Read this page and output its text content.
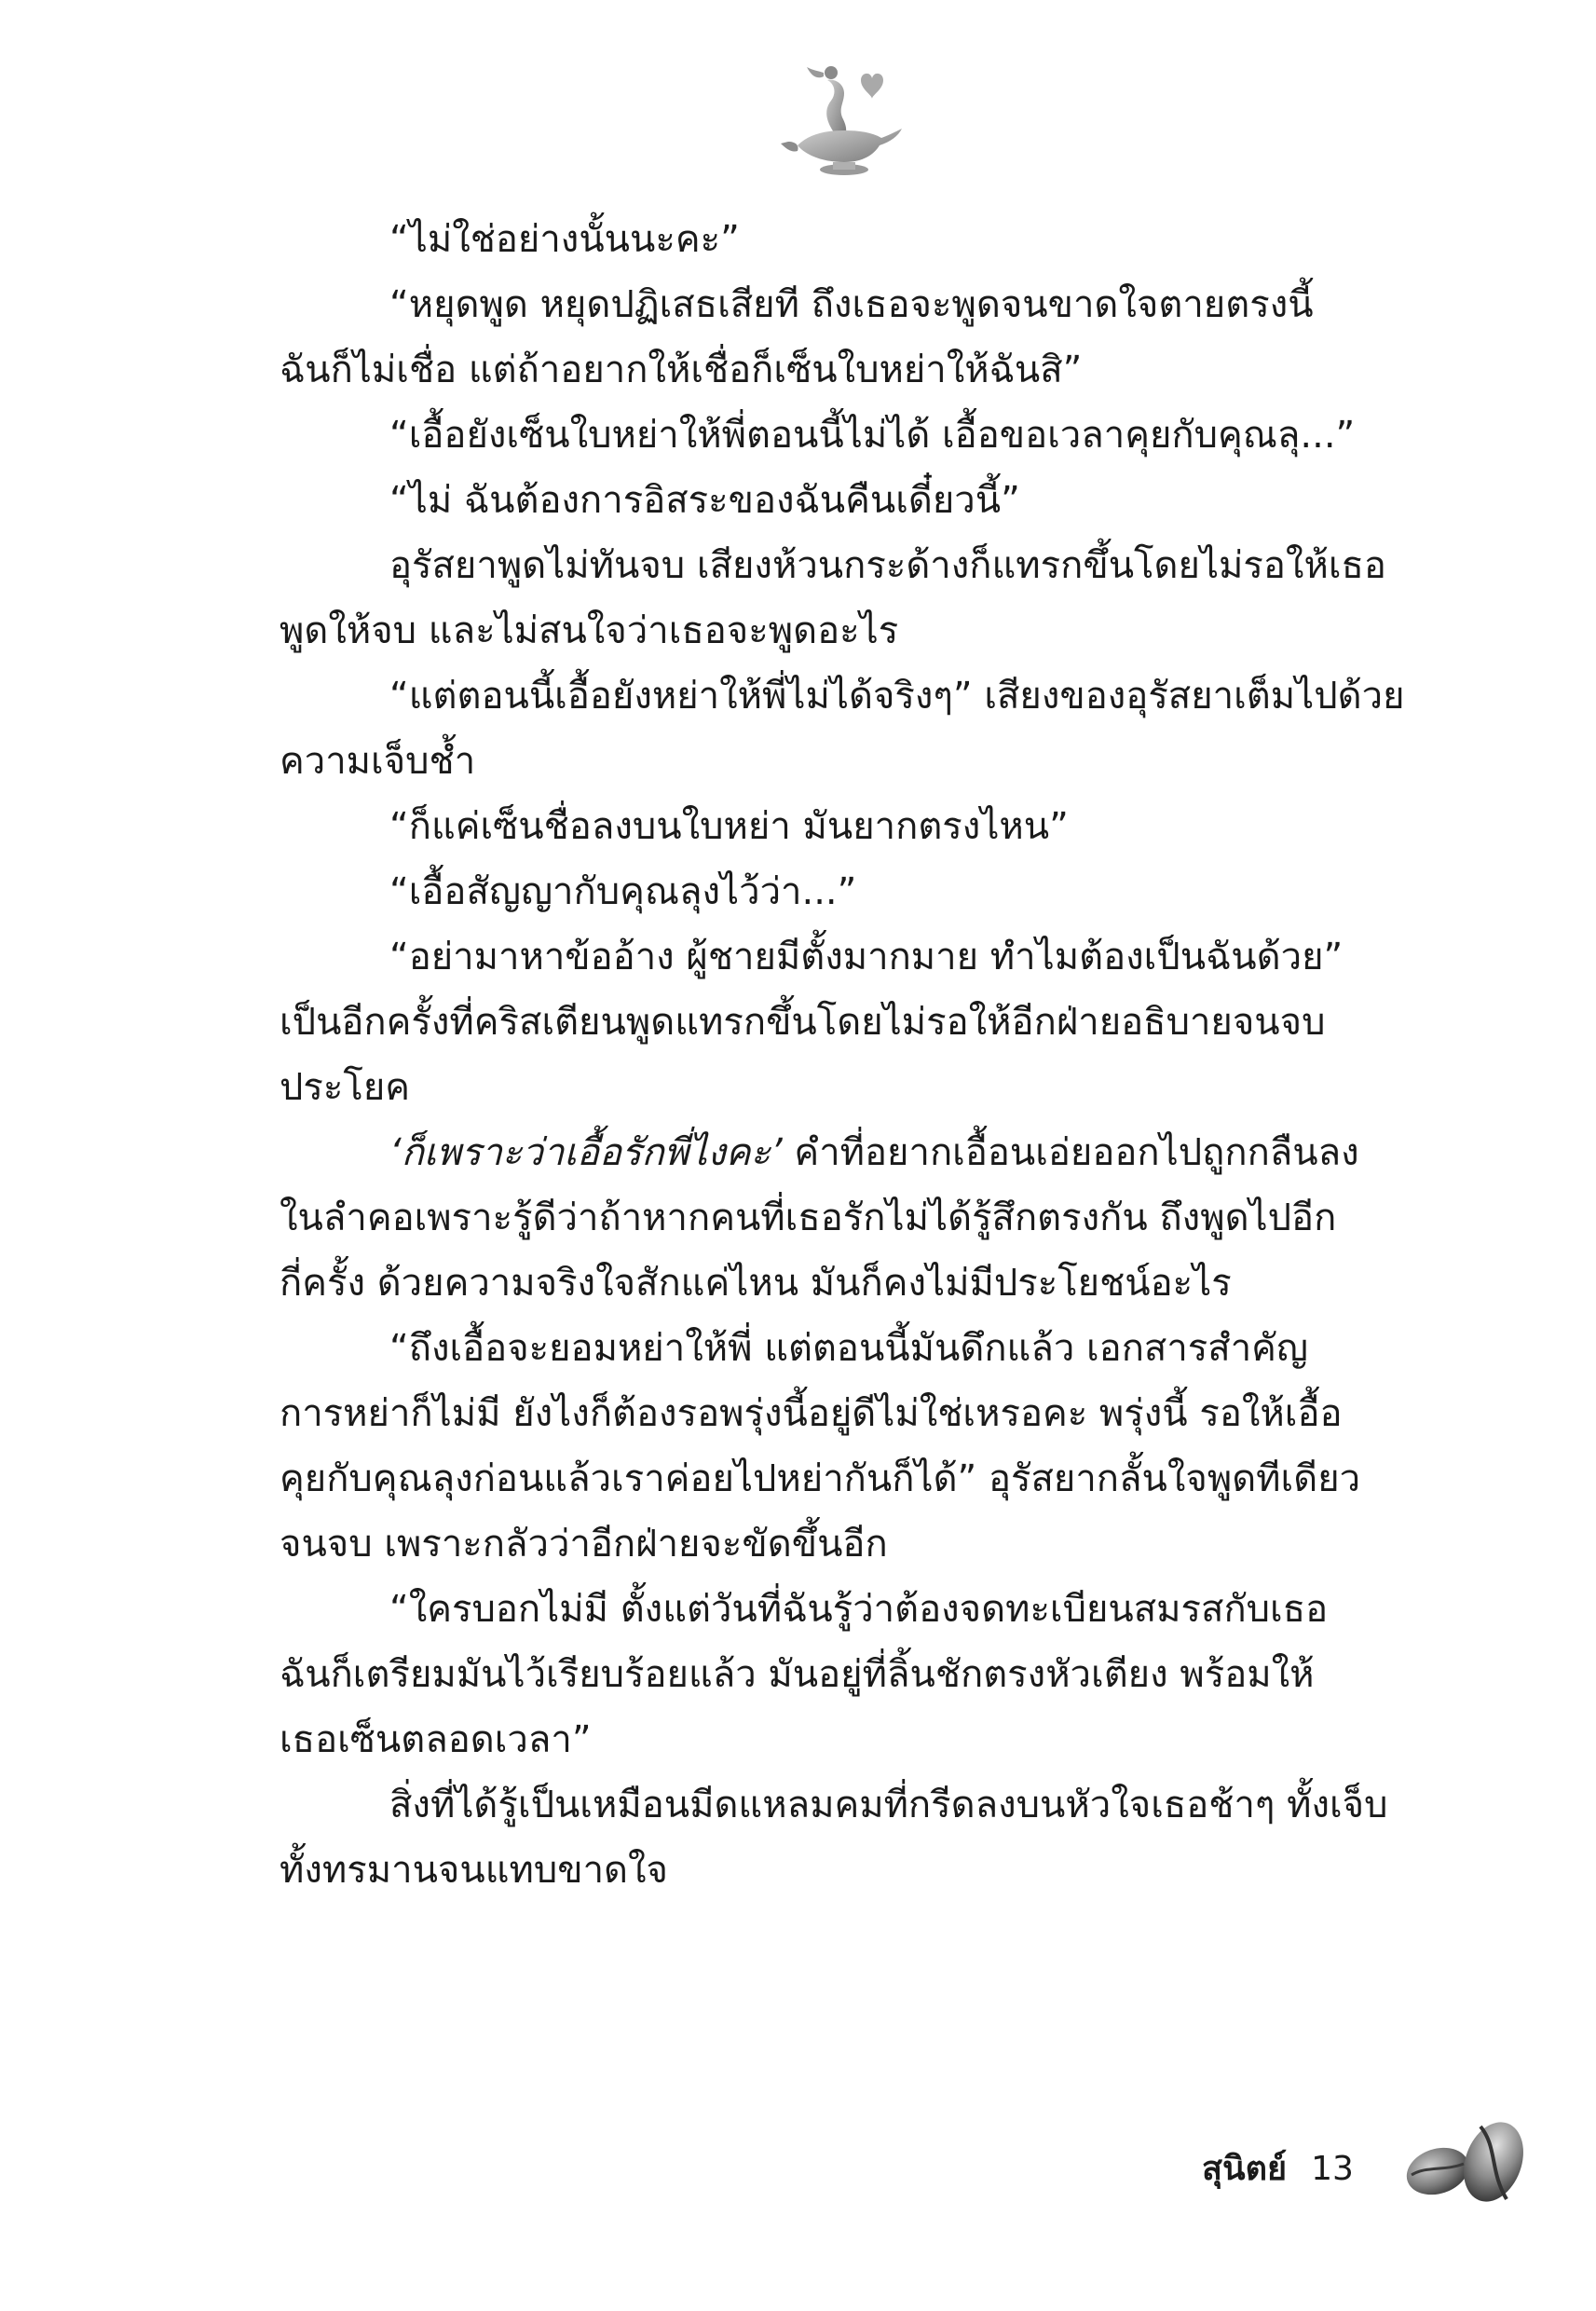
“ไม่ใช่อย่างนั้นนะคะ”
“หยุดพูด หยุดปฏิเสธเสียที ถึงเธอจะพูดจนขาดใจตายตรงนี้
ฉันก็ไม่เชื่อ แต่ถ้าอยากให้เชื่อก็เซ็นใบหย่าให้ฉันสิ”
“เอื้อยังเซ็นใบหย่าให้พี่ตอนนี้ไม่ได้ เอื้อขอเวลาคุยกับคุณลุ...”
“ไม่ ฉันต้องการอิสระของฉันคืนเดี๋ยวนี้”
อุรัสยาพูดไม่ทันจบ เสียงห้วนกระด้างก็แทรกขึ้นโดยไม่รอให้เธอ
พูดให้จบ และไม่สนใจว่าเธอจะพูดอะไร
“แต่ตอนนี้เอื้อยังหย่าให้พี่ไม่ได้จริงๆ” เสียงของอุรัสยาเต็มไปด้วย
ความเจ็บช้ำ
“ก็แค่เซ็นชื่อลงบนใบหย่า มันยากตรงไหน”
“เอื้อสัญญากับคุณลุงไว้ว่า...”
“อย่ามาหาข้ออ้าง ผู้ชายมีตั้งมากมาย ทำไมต้องเป็นฉันด้วย”
เป็นอีกครั้งที่คริสเตียนพูดแทรกขึ้นโดยไม่รอให้อีกฝ่ายอธิบายจนจบ
ประโยค
‘ก็เพราะว่าเอื้อรักพี่ไงคะ’ คำที่อยากเอื้อนเอ่ยออกไปถูกกลืนลง
ในลำคอเพราะรู้ดีว่าถ้าหากคนที่เธอรักไม่ได้รู้สึกตรงกัน ถึงพูดไปอีก
กี่ครั้ง ด้วยความจริงใจสักแค่ไหน มันก็คงไม่มีประโยชน์อะไร
“ถึงเอื้อจะยอมหย่าให้พี่ แต่ตอนนี้มันดึกแล้ว เอกสารสำคัญ
การหย่าก็ไม่มี ยังไงก็ต้องรอพรุ่งนี้อยู่ดีไม่ใช่เหรอคะ พรุ่งนี้ รอให้เอื้อ
คุยกับคุณลุงก่อนแล้วเราค่อยไปหย่ากันก็ได้” อุรัสยากลั้นใจพูดทีเดียว
จนจบ เพราะกลัวว่าอีกฝ่ายจะขัดขึ้นอีก
“ใครบอกไม่มี ตั้งแต่วันที่ฉันรู้ว่าต้องจดทะเบียนสมรสกับเธอ
ฉันก็เตรียมมันไว้เรียบร้อยแล้ว มันอยู่ที่ลิ้นชักตรงหัวเตียง พร้อมให้
เธอเซ็นตลอดเวลา”
สิ่งที่ได้รู้เป็นเหมือนมีดแหลมคมที่กรีดลงบนหัวใจเธอช้าๆ ทั้งเจ็บ
ทั้งทรมานจนแทบขาดใจ
สุนิตย์ 13
